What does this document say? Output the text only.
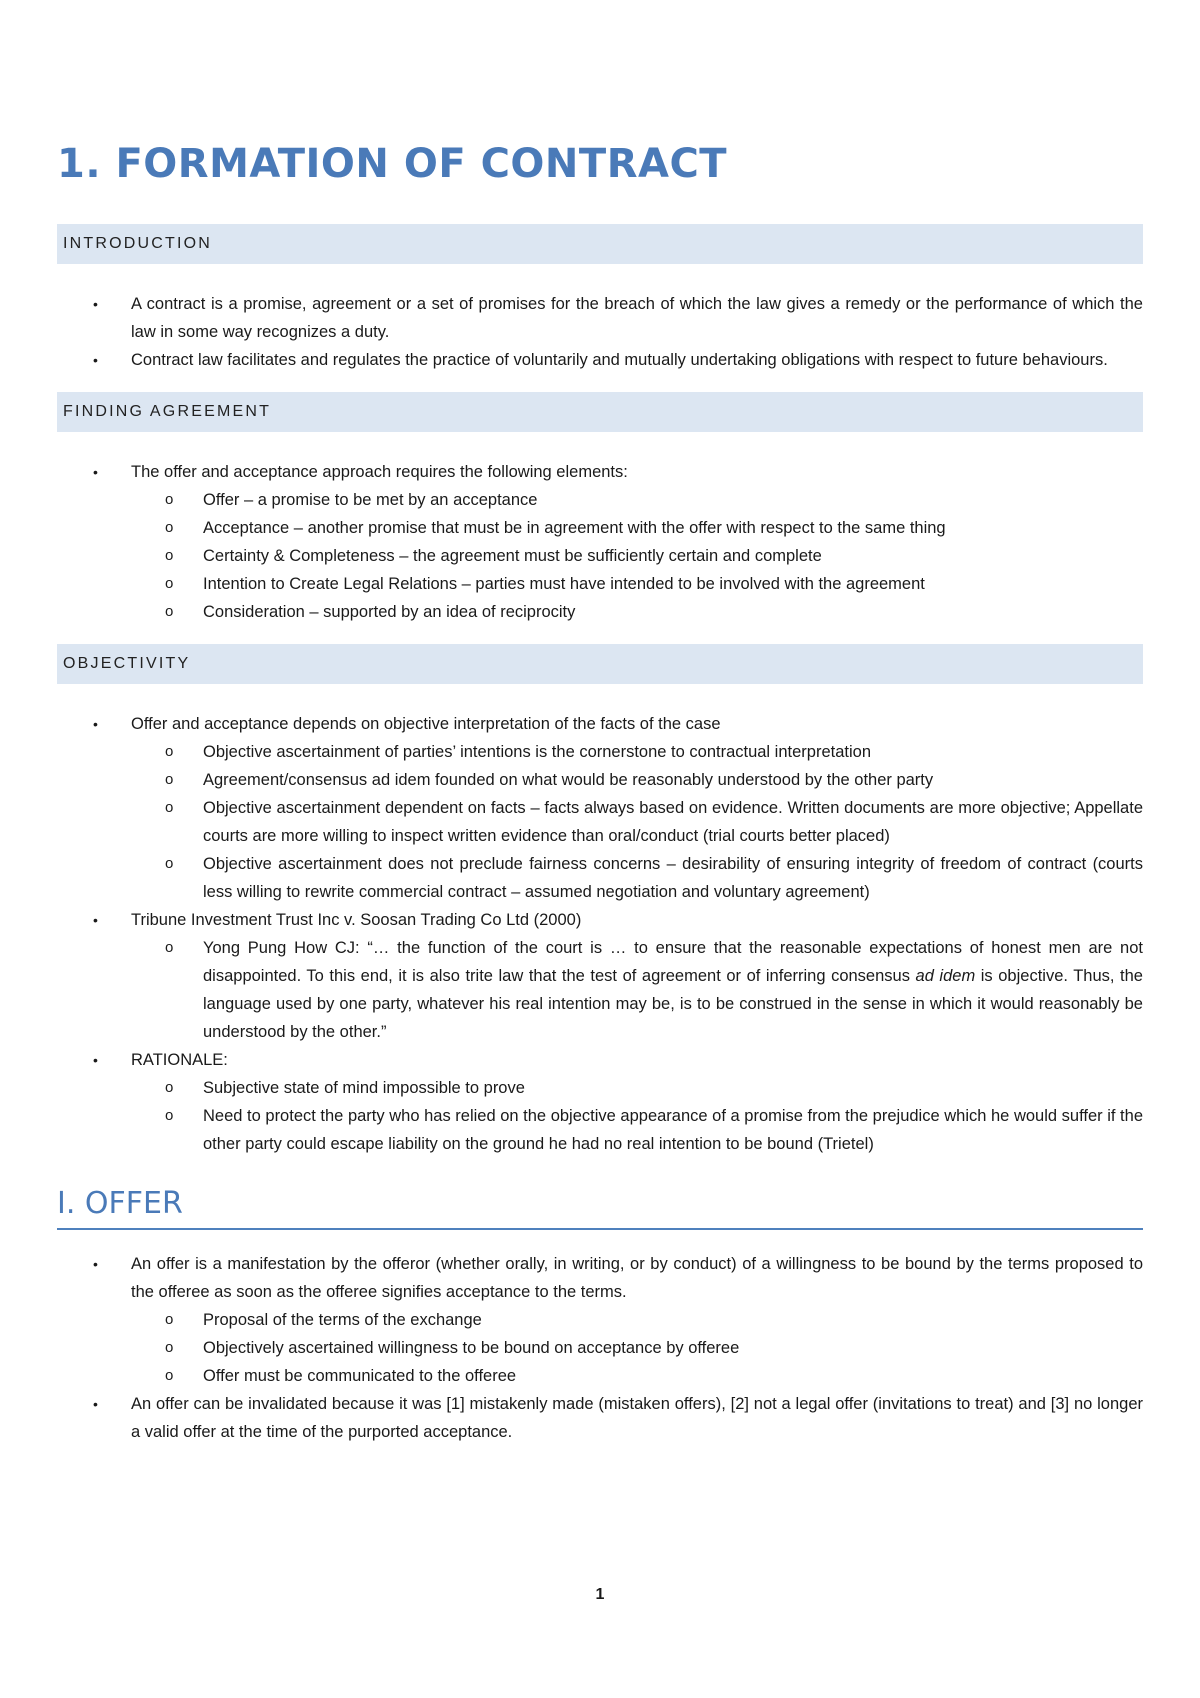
1. FORMATION OF CONTRACT
INTRODUCTION
• A contract is a promise, agreement or a set of promises for the breach of which the law gives a remedy or the performance of which the law in some way recognizes a duty.
• Contract law facilitates and regulates the practice of voluntarily and mutually undertaking obligations with respect to future behaviours.
FINDING AGREEMENT
• The offer and acceptance approach requires the following elements:
o Offer – a promise to be met by an acceptance
o Acceptance – another promise that must be in agreement with the offer with respect to the same thing
o Certainty & Completeness – the agreement must be sufficiently certain and complete
o Intention to Create Legal Relations – parties must have intended to be involved with the agreement
o Consideration – supported by an idea of reciprocity
OBJECTIVITY
• Offer and acceptance depends on objective interpretation of the facts of the case
o Objective ascertainment of parties’ intentions is the cornerstone to contractual interpretation
o Agreement/consensus ad idem founded on what would be reasonably understood by the other party
o Objective ascertainment dependent on facts – facts always based on evidence. Written documents are more objective; Appellate courts are more willing to inspect written evidence than oral/conduct (trial courts better placed)
o Objective ascertainment does not preclude fairness concerns – desirability of ensuring integrity of freedom of contract (courts less willing to rewrite commercial contract – assumed negotiation and voluntary agreement)
• Tribune Investment Trust Inc v. Soosan Trading Co Ltd (2000)
o Yong Pung How CJ: “… the function of the court is … to ensure that the reasonable expectations of honest men are not disappointed. To this end, it is also trite law that the test of agreement or of inferring consensus ad idem is objective. Thus, the language used by one party, whatever his real intention may be, is to be construed in the sense in which it would reasonably be understood by the other.”
• RATIONALE:
o Subjective state of mind impossible to prove
o Need to protect the party who has relied on the objective appearance of a promise from the prejudice which he would suffer if the other party could escape liability on the ground he had no real intention to be bound (Trietel)
I. OFFER
• An offer is a manifestation by the offeror (whether orally, in writing, or by conduct) of a willingness to be bound by the terms proposed to the offeree as soon as the offeree signifies acceptance to the terms.
o Proposal of the terms of the exchange
o Objectively ascertained willingness to be bound on acceptance by offeree
o Offer must be communicated to the offeree
• An offer can be invalidated because it was [1] mistakenly made (mistaken offers), [2] not a legal offer (invitations to treat) and [3] no longer a valid offer at the time of the purported acceptance.
1
